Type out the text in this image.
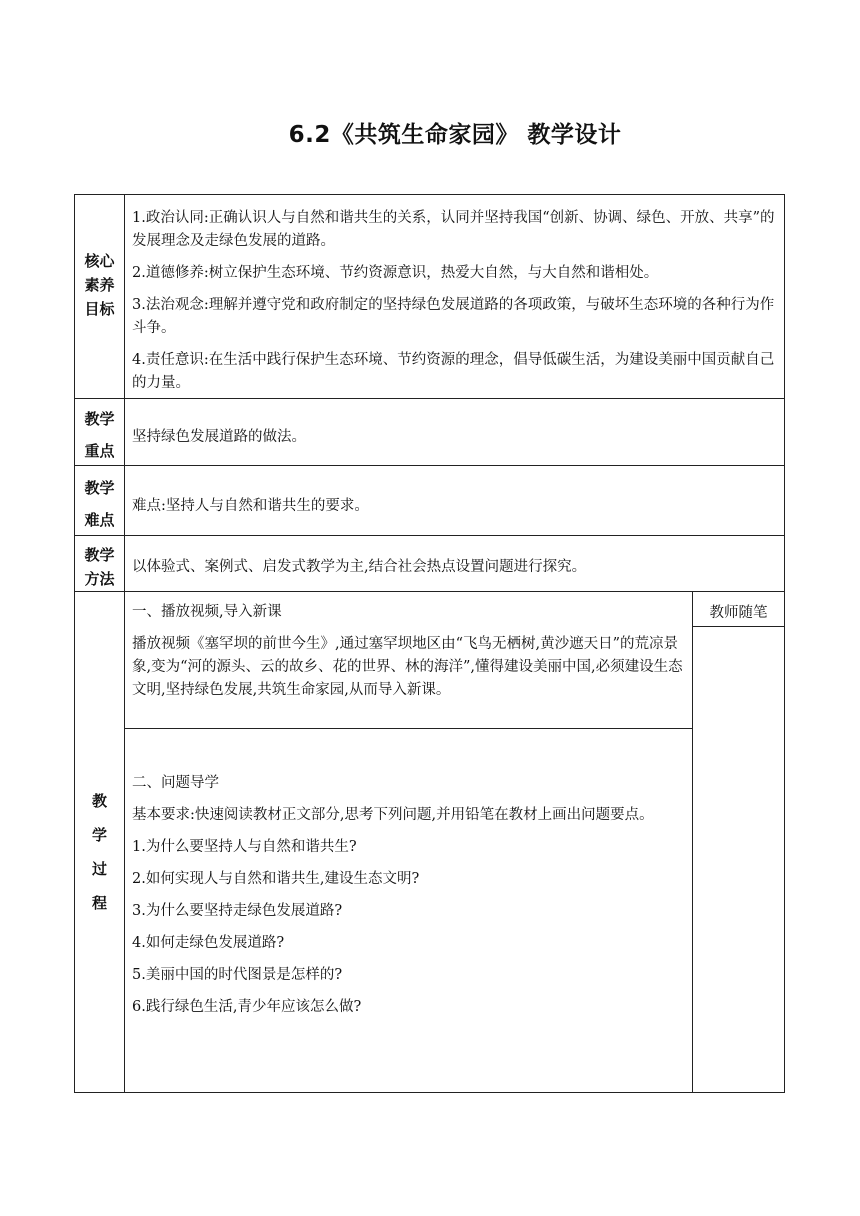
6.2《共筑生命家园》 教学设计
核心
素养
目标

1.政治认同:正确认识人与自然和谐共生的关系，认同并坚持我国“创新、协调、绿色、开放、共享”的发展理念及走绿色发展的道路。

2.道德修养:树立保护生态环境、节约资源意识，热爱大自然，与大自然和谐相处。

3.法治观念:理解并遵守党和政府制定的坚持绿色发展道路的各项政策，与破坏生态环境的各种行为作斗争。

4.责任意识:在生活中践行保护生态环境、节约资源的理念，倡导低碳生活，为建设美丽中国贡献自己的力量。

教学
重点
坚持绿色发展道路的做法。
教学
难点
难点:坚持人与自然和谐共生的要求。
教学
方法
以体验式、案例式、启发式教学为主,结合社会热点设置问题进行探究。
教
学
过
程
教师随笔

一、播放视频,导入新课

播放视频《塞罕坝的前世今生》,通过塞罕坝地区由“飞鸟无栖树,黄沙遮天日”的荒凉景象,变为“河的源头、云的故乡、花的世界、林的海洋”,懂得建设美丽中国,必须建设生态文明,坚持绿色发展,共筑生命家园,从而导入新课。

二、问题导学

基本要求:快速阅读教材正文部分,思考下列问题,并用铅笔在教材上画出问题要点。

1.为什么要坚持人与自然和谐共生?

2.如何实现人与自然和谐共生,建设生态文明?

3.为什么要坚持走绿色发展道路?

4.如何走绿色发展道路?

5.美丽中国的时代图景是怎样的?

6.践行绿色生活,青少年应该怎么做?
